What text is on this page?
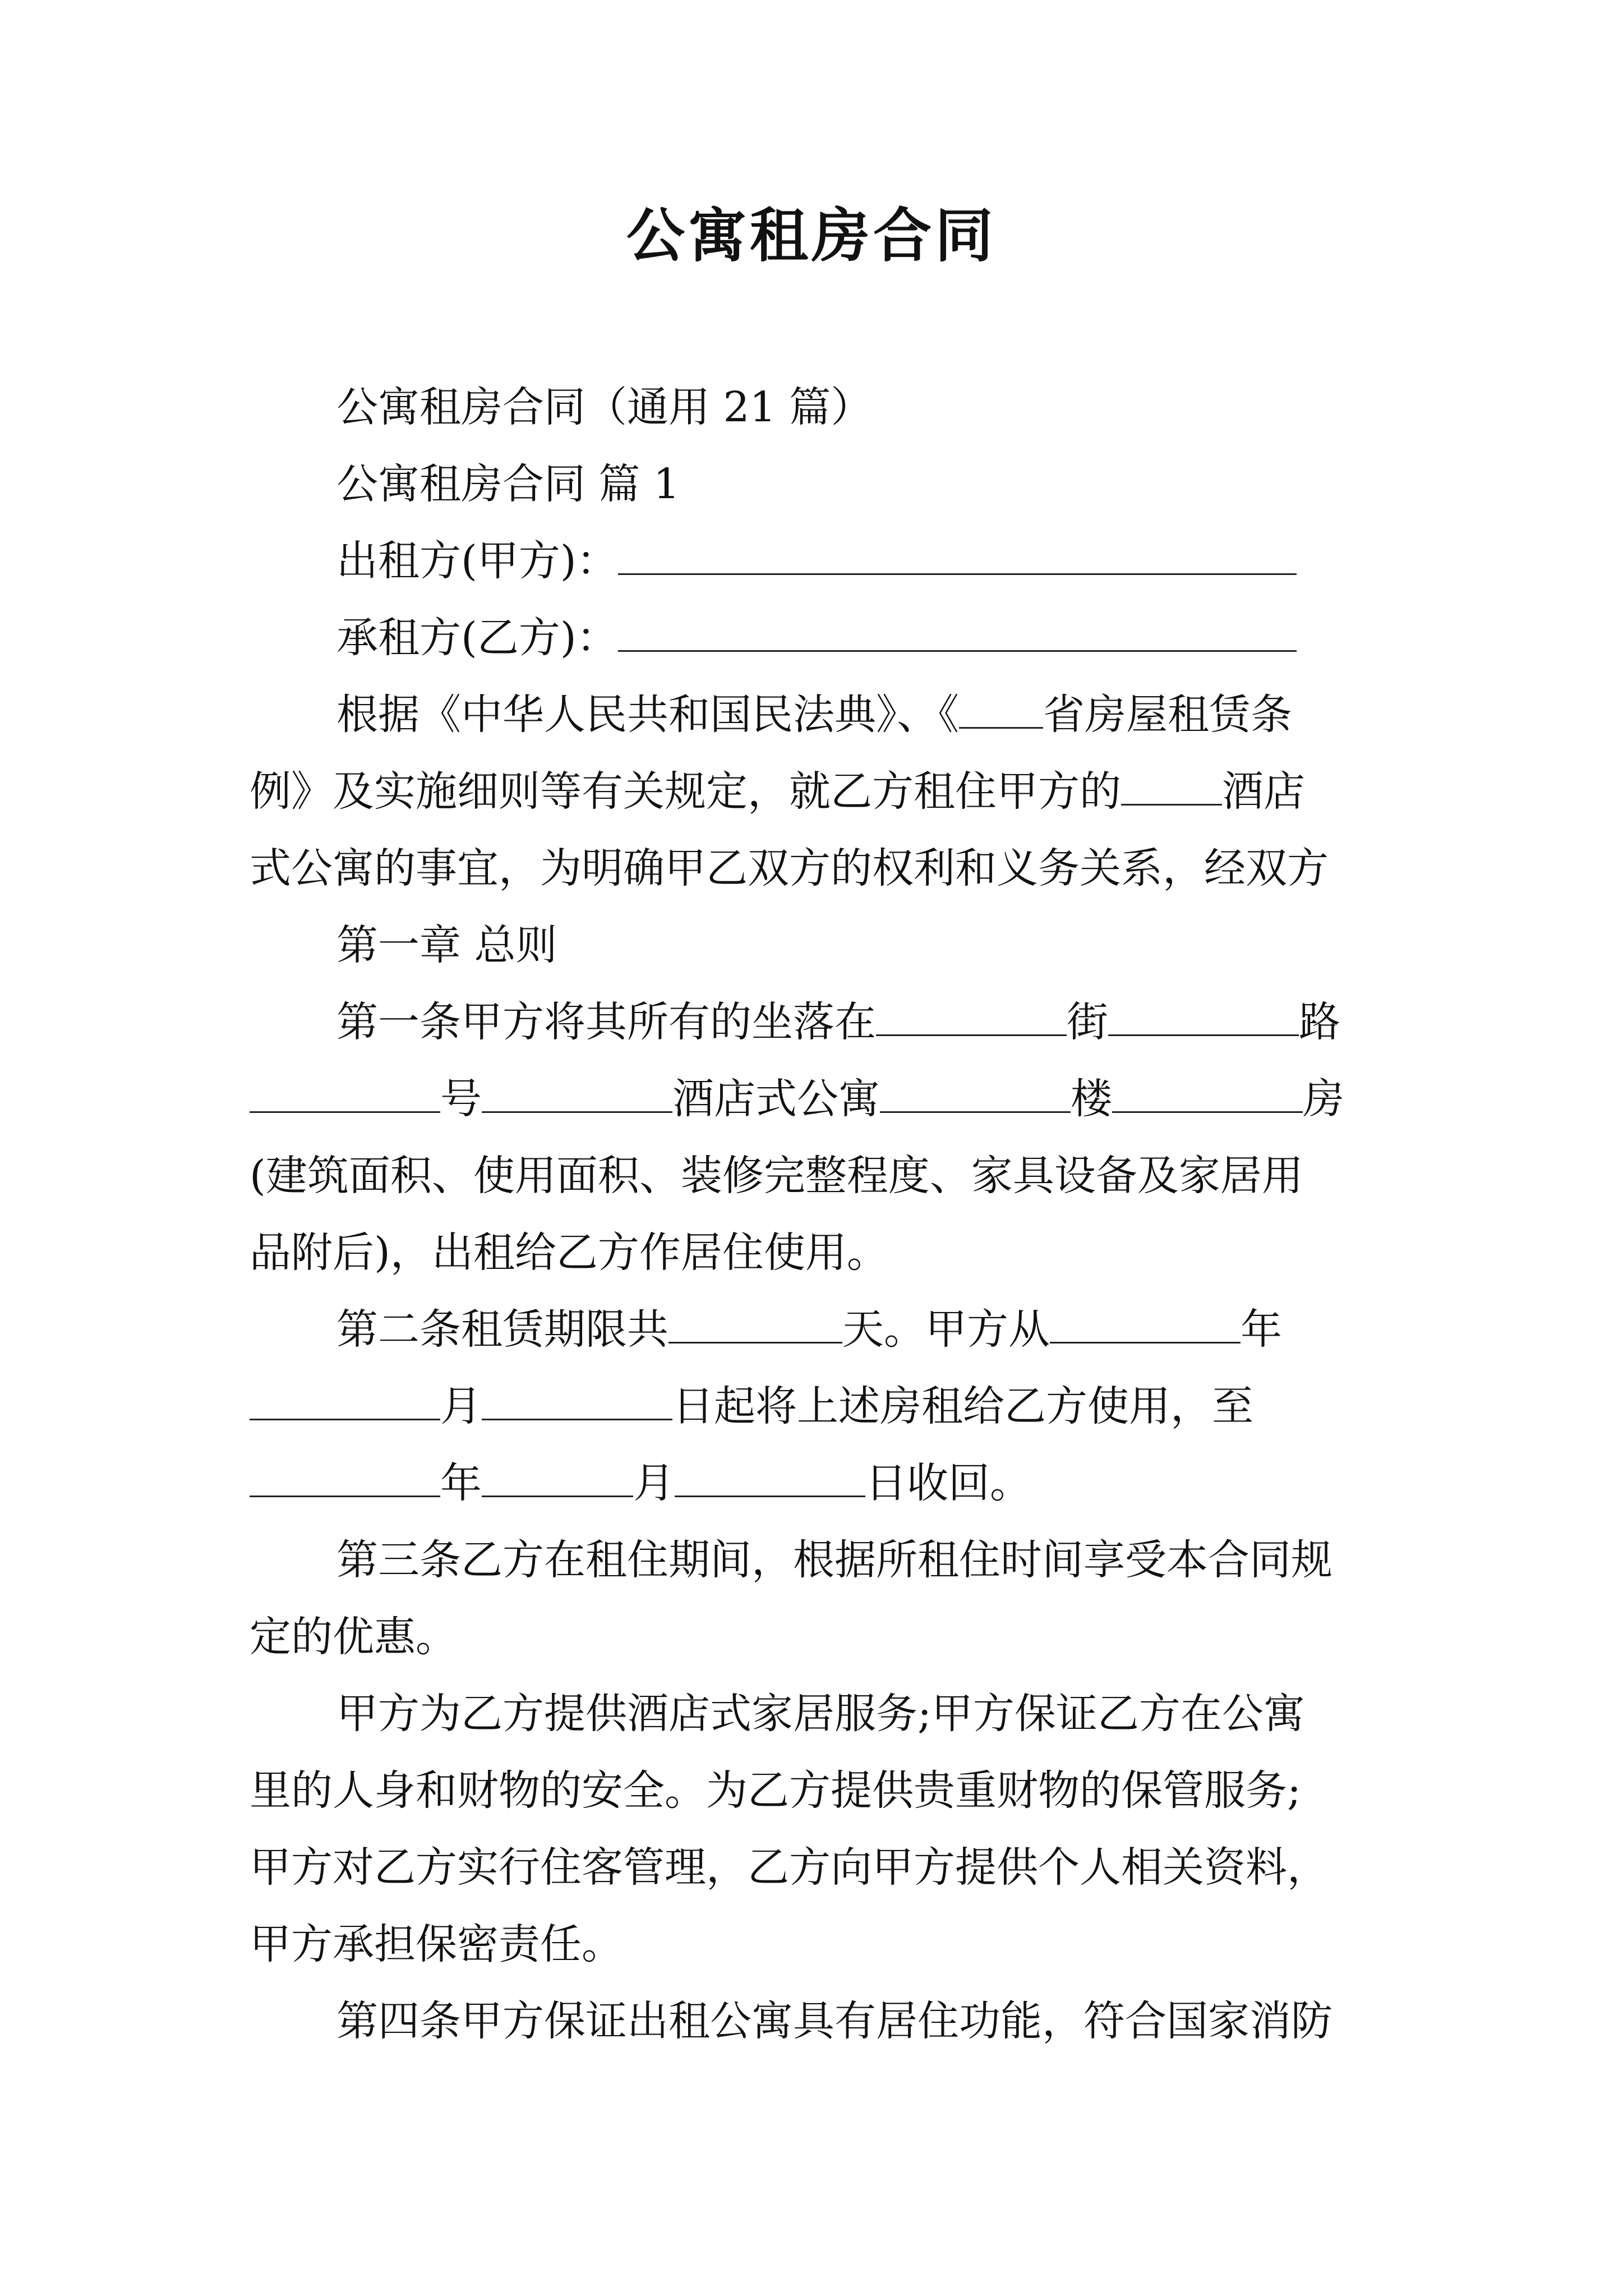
公寓租房合同
公寓租房合同（通用 21 篇）
公寓租房合同 篇 1
出租方(甲方)：
承租方(乙方)：
根据《中华人民共和国民法典》、《 省房屋租赁条
例》及实施细则等有关规定，就乙方租住甲方的 酒店
式公寓的事宜，为明确甲乙双方的权利和义务关系，经双方
第一章 总则
第一条甲方将其所有的坐落在	街	路
号	酒店式公寓	楼	房
(建筑面积、使用面积、装修完整程度、家具设备及家居用
品附后)，出租给乙方作居住使用。
第二条租赁期限共	天。甲方从	年
月	日起将上述房租给乙方使用，至
年	月	日收回。
第三条乙方在租住期间，根据所租住时间享受本合同规
定的优惠。
甲方为乙方提供酒店式家居服务;甲方保证乙方在公寓
里的人身和财物的安全。为乙方提供贵重财物的保管服务;
甲方对乙方实行住客管理，乙方向甲方提供个人相关资料，
甲方承担保密责任。
第四条甲方保证出租公寓具有居住功能，符合国家消防
